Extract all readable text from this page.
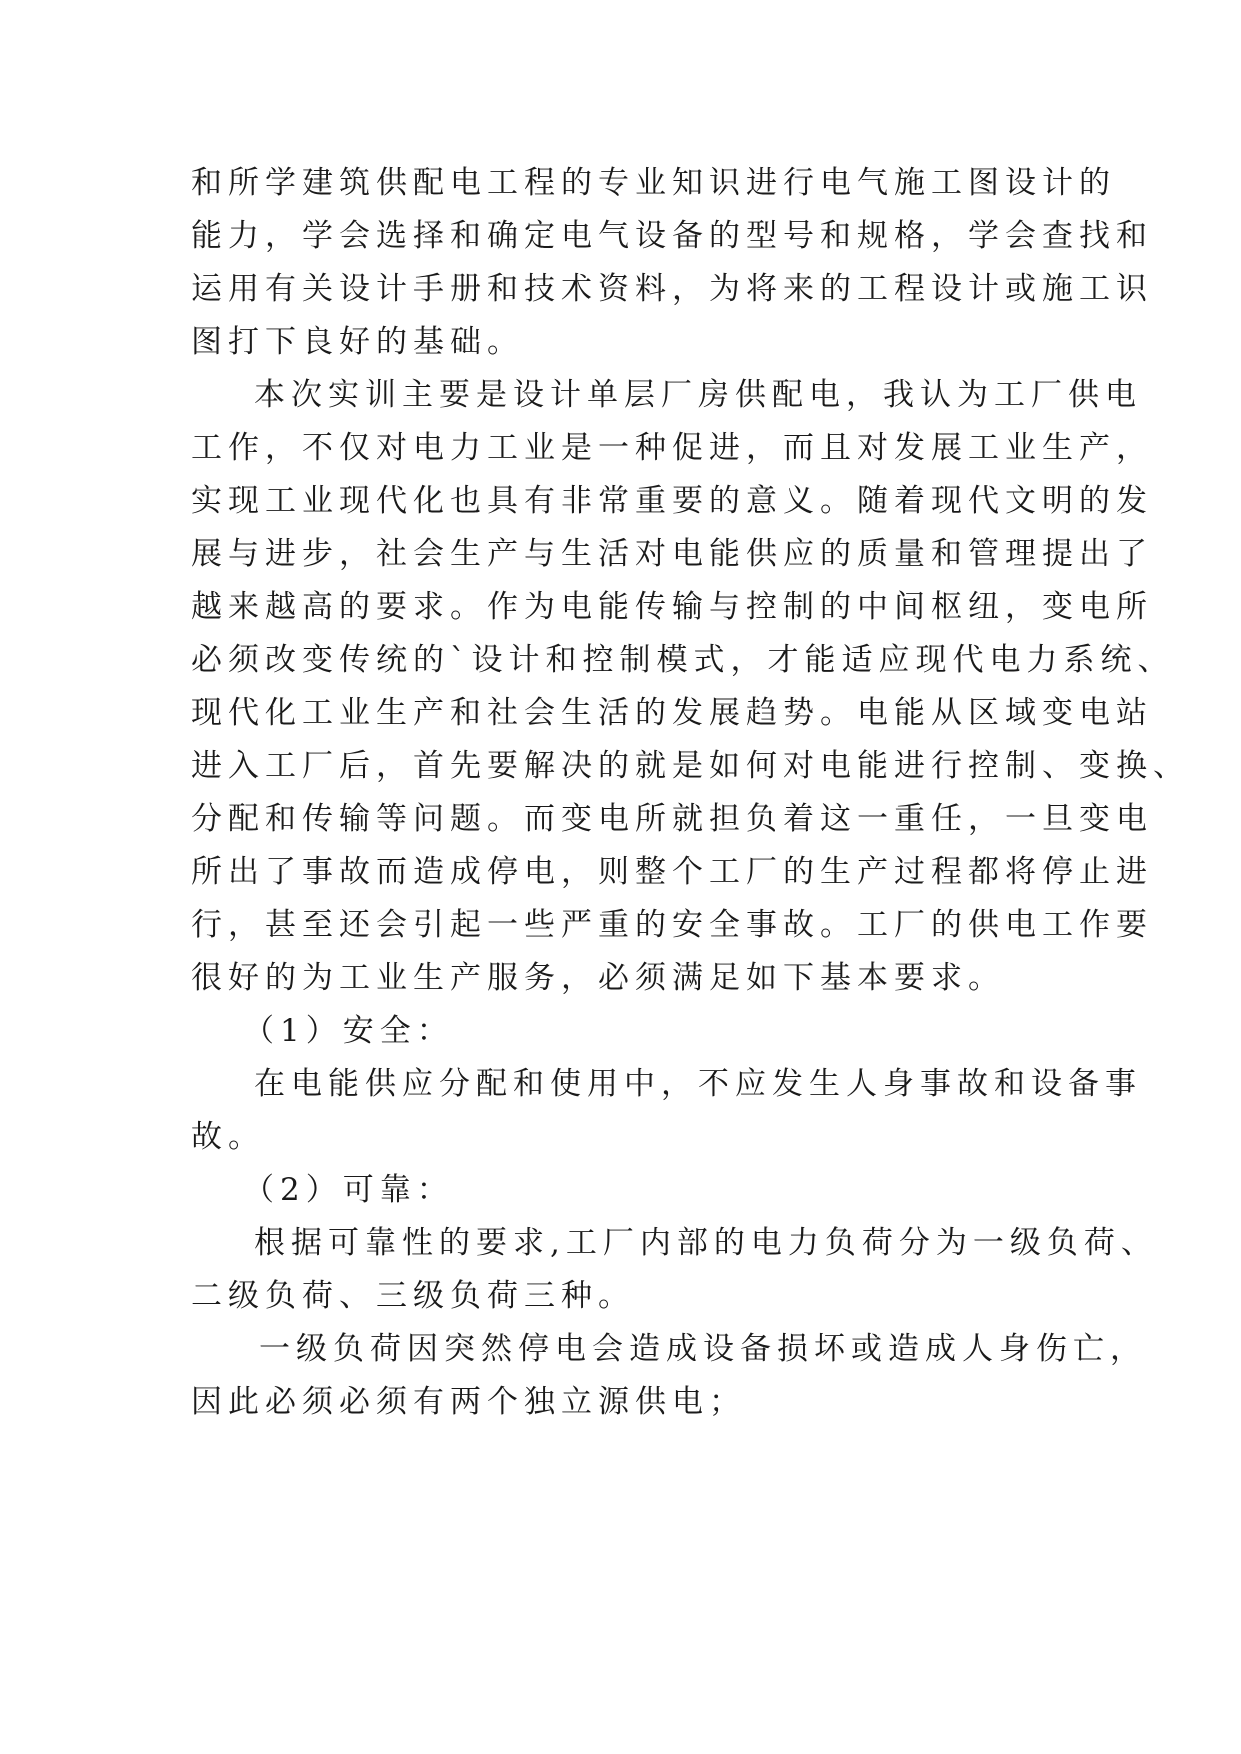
和所学建筑供配电工程的专业知识进行电气施工图设计的
能力，学会选择和确定电气设备的型号和规格，学会查找和
运用有关设计手册和技术资料，为将来的工程设计或施工识
图打下良好的基础。
本次实训主要是设计单层厂房供配电，我认为工厂供电
工作，不仅对电力工业是一种促进，而且对发展工业生产，
实现工业现代化也具有非常重要的意义。随着现代文明的发
展与进步，社会生产与生活对电能供应的质量和管理提出了
越来越高的要求。作为电能传输与控制的中间枢纽，变电所
必须改变传统的`设计和控制模式，才能适应现代电力系统、
现代化工业生产和社会生活的发展趋势。电能从区域变电站
进入工厂后，首先要解决的就是如何对电能进行控制、变换、
分配和传输等问题。而变电所就担负着这一重任，一旦变电
所出了事故而造成停电，则整个工厂的生产过程都将停止进
行，甚至还会引起一些严重的安全事故。工厂的供电工作要
很好的为工业生产服务，必须满足如下基本要求。
（1）安全：
在电能供应分配和使用中，不应发生人身事故和设备事
故。
（2）可靠：
根据可靠性的要求,工厂内部的电力负荷分为一级负荷、
二级负荷、三级负荷三种。
一级负荷因突然停电会造成设备损坏或造成人身伤亡，
因此必须必须有两个独立源供电；
